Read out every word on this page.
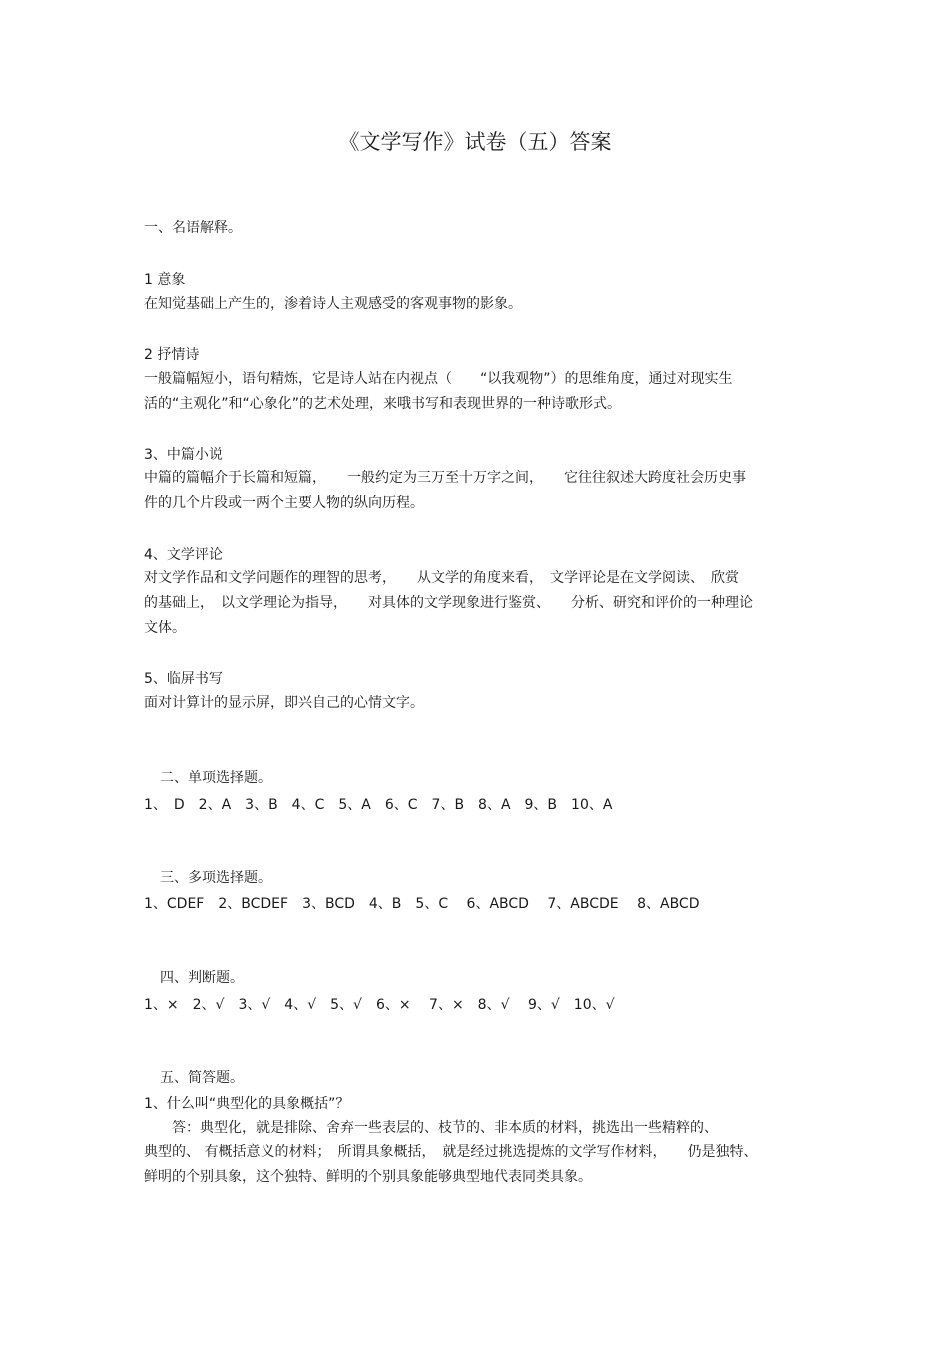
《文学写作》试卷（五）答案
一、名语解释。
1 意象
在知觉基础上产生的，渗着诗人主观感受的客观事物的影象。
2 抒情诗
一般篇幅短小，语句精炼，它是诗人站在内视点（　　“以我观物”）的思维角度，通过对现实生
活的“主观化”和“心象化”的艺术处理，来哦书写和表现世界的一种诗歌形式。
3、中篇小说
中篇的篇幅介于长篇和短篇，　　一般约定为三万至十万字之间，　　它往往叙述大跨度社会历史事
件的几个片段或一两个主要人物的纵向历程。
4、文学评论
对文学作品和文学问题作的理智的思考，　　从文学的角度来看，　文学评论是在文学阅读、　欣赏
的基础上，　以文学理论为指导，　　对具体的文学现象进行鉴赏、　　分析、研究和评价的一种理论
文体。
5、临屏书写
面对计算计的显示屏，即兴自己的心情文字。
二、单项选择题。
1、　D　2、A　3、B　4、C　5、A　6、C　7、B　8、A　9、B　10、A
三、多项选择题。
1、CDEF　2、BCDEF　3、BCD　4、B　5、C　 6、ABCD　 7、ABCDE　 8、ABCD
四、判断题。
1、×　2、√　3、√　4、√　5、√　6、×　 7、×　8、√　 9、√　10、√
五、简答题。
1、什么叫“典型化的具象概括”？
答：典型化，就是排除、舍弃一些表层的、枝节的、非本质的材料，挑选出一些精粹的、
典型的、 有概括意义的材料；　所谓具象概括，　就是经过挑选提炼的文学写作材料，　　仍是独特、
鲜明的个别具象，这个独特、鲜明的个别具象能够典型地代表同类具象。
